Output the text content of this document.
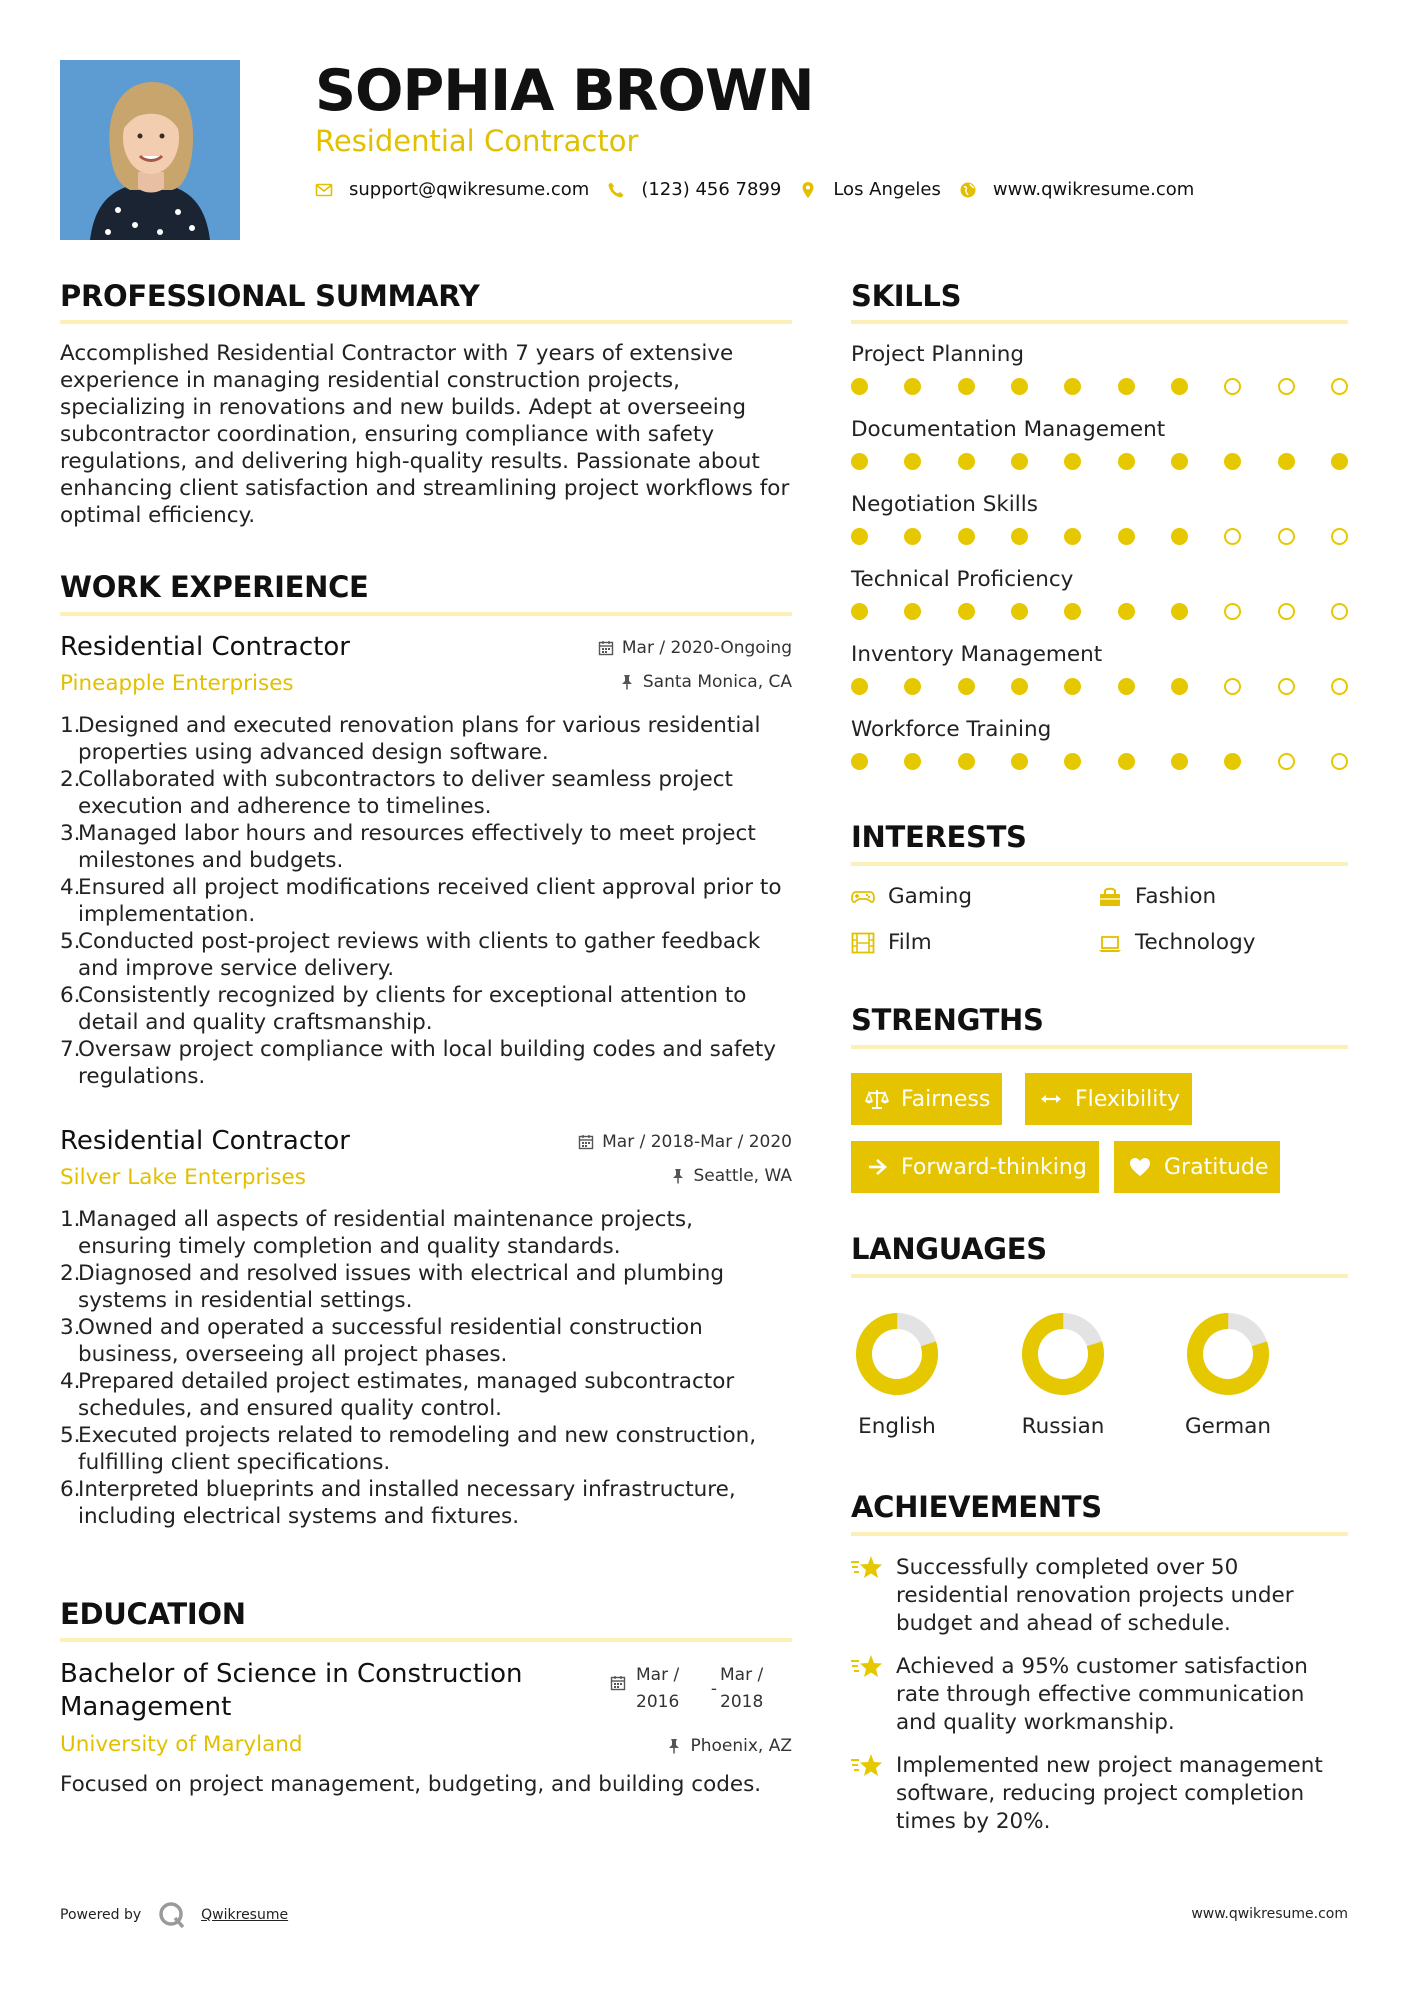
SOPHIA BROWN
Residential Contractor
support@qwikresume.com	(123) 456 7899	Los Angeles	www.qwikresume.com
PROFESSIONAL SUMMARY
Accomplished Residential Contractor with 7 years of extensive experience in managing residential construction projects, specializing in renovations and new builds. Adept at overseeing subcontractor coordination, ensuring compliance with safety regulations, and delivering high-quality results. Passionate about enhancing client satisfaction and streamlining project workflows for optimal efficiency.
WORK EXPERIENCE
Residential Contractor
Pineapple Enterprises
Mar / 2020-Ongoing
Santa Monica, CA
1.
Designed and executed renovation plans for various residential properties using advanced design software.
2.
Collaborated with subcontractors to deliver seamless project execution and adherence to timelines.
3.
Managed labor hours and resources effectively to meet project milestones and budgets.
4.
Ensured all project modifications received client approval prior to implementation.
5.
Conducted post-project reviews with clients to gather feedback and improve service delivery.
6.
Consistently recognized by clients for exceptional attention to detail and quality craftsmanship.
7.
Oversaw project compliance with local building codes and safety regulations.
Residential Contractor
Silver Lake Enterprises
Mar / 2018-Mar / 2020
Seattle, WA
1.
Managed all aspects of residential maintenance projects, ensuring timely completion and quality standards.
2.
Diagnosed and resolved issues with electrical and plumbing systems in residential settings.
3.
Owned and operated a successful residential construction business, overseeing all project phases.
4.
Prepared detailed project estimates, managed subcontractor schedules, and ensured quality control.
5.
Executed projects related to remodeling and new construction, fulfilling client specifications.
6.
Interpreted blueprints and installed necessary infrastructure, including electrical systems and fixtures.
EDUCATION
Bachelor of Science in Construction Management
University of Maryland
Mar / 2016
-
Mar / 2018
Phoenix, AZ
Focused on project management, budgeting, and building codes.
SKILLS
Project Planning
Documentation Management
Negotiation Skills
Technical Proficiency
Inventory Management
Workforce Training
INTERESTS
Gaming	Fashion
Film	Technology
STRENGTHS
Fairness	Flexibility
Forward-thinking	Gratitude
LANGUAGES
English	Russian	German
ACHIEVEMENTS
Successfully completed over 50 residential renovation projects under budget and ahead of schedule.
Achieved a 95% customer satisfaction rate through effective communication and quality workmanship.
Implemented new project management software, reducing project completion times by 20%.
Powered by	Qwikresume	www.qwikresume.com
